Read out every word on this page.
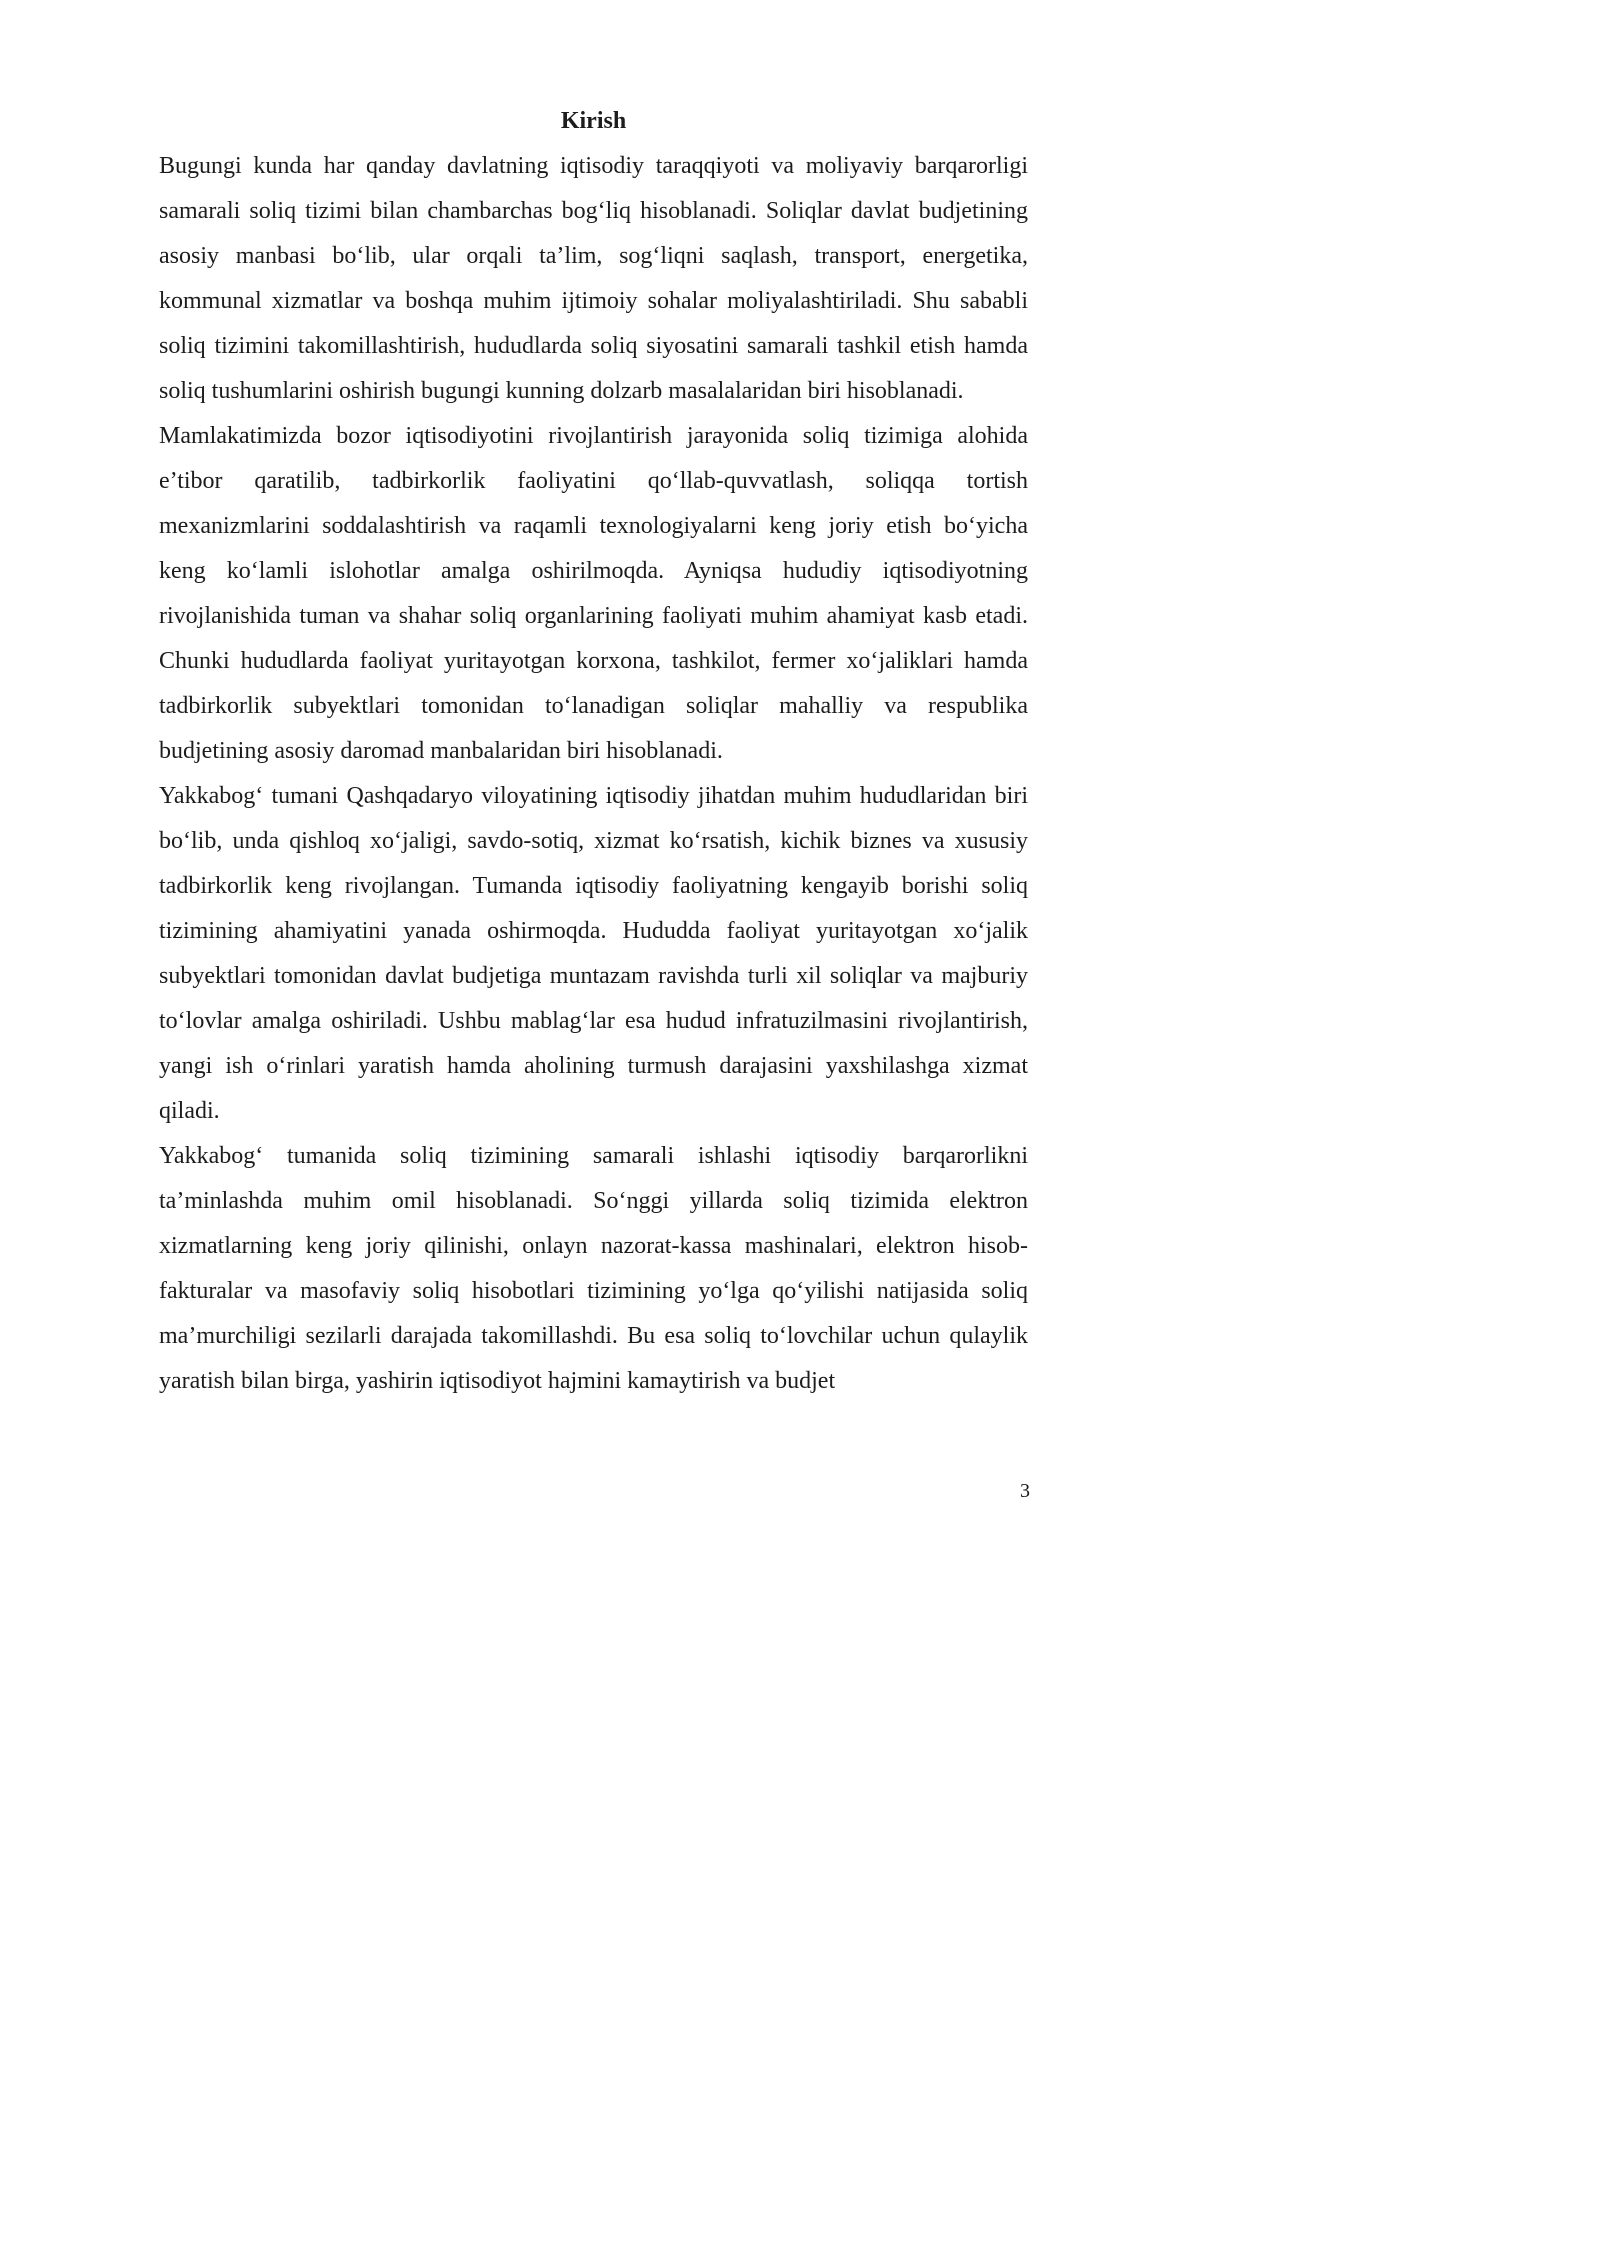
Kirish

Bugungi kunda har qanday davlatning iqtisodiy taraqqiyoti va moliyaviy barqarorligi samarali soliq tizimi bilan chambarchas bog‘liq hisoblanadi. Soliqlar davlat budjetining asosiy manbasi bo‘lib, ular orqali ta’lim, sog‘liqni saqlash, transport, energetika, kommunal xizmatlar va boshqa muhim ijtimoiy sohalar moliyalashtiriladi. Shu sababli soliq tizimini takomillashtirish, hududlarda soliq siyosatini samarali tashkil etish hamda soliq tushumlarini oshirish bugungi kunning dolzarb masalalaridan biri hisoblanadi.

Mamlakatimizda bozor iqtisodiyotini rivojlantirish jarayonida soliq tizimiga alohida e’tibor qaratilib, tadbirkorlik faoliyatini qo‘llab-quvvatlash, soliqqa tortish mexanizmlarini soddalashtirish va raqamli texnologiyalarni keng joriy etish bo‘yicha keng ko‘lamli islohotlar amalga oshirilmoqda. Ayniqsa hududiy iqtisodiyotning rivojlanishida tuman va shahar soliq organlarining faoliyati muhim ahamiyat kasb etadi. Chunki hududlarda faoliyat yuritayotgan korxona, tashkilot, fermer xo‘jaliklari hamda tadbirkorlik subyektlari tomonidan to‘lanadigan soliqlar mahalliy va respublika budjetining asosiy daromad manbalaridan biri hisoblanadi.

Yakkabog‘ tumani Qashqadaryo viloyatining iqtisodiy jihatdan muhim hududlaridan biri bo‘lib, unda qishloq xo‘jaligi, savdo-sotiq, xizmat ko‘rsatish, kichik biznes va xususiy tadbirkorlik keng rivojlangan. Tumanda iqtisodiy faoliyatning kengayib borishi soliq tizimining ahamiyatini yanada oshirmoqda. Hududda faoliyat yuritayotgan xo‘jalik subyektlari tomonidan davlat budjetiga muntazam ravishda turli xil soliqlar va majburiy to‘lovlar amalga oshiriladi. Ushbu mablag‘lar esa hudud infratuzilmasini rivojlantirish, yangi ish o‘rinlari yaratish hamda aholining turmush darajasini yaxshilashga xizmat qiladi.

Yakkabog‘ tumanida soliq tizimining samarali ishlashi iqtisodiy barqarorlikni ta’minlashda muhim omil hisoblanadi. So‘nggi yillarda soliq tizimida elektron xizmatlarning keng joriy qilinishi, onlayn nazorat-kassa mashinalari, elektron hisob-fakturalar va masofaviy soliq hisobotlari tizimining yo‘lga qo‘yilishi natijasida soliq ma’murchiligi sezilarli darajada takomillashdi. Bu esa soliq to‘lovchilar uchun qulaylik yaratish bilan birga, yashirin iqtisodiyot hajmini kamaytirish va budjet

3
